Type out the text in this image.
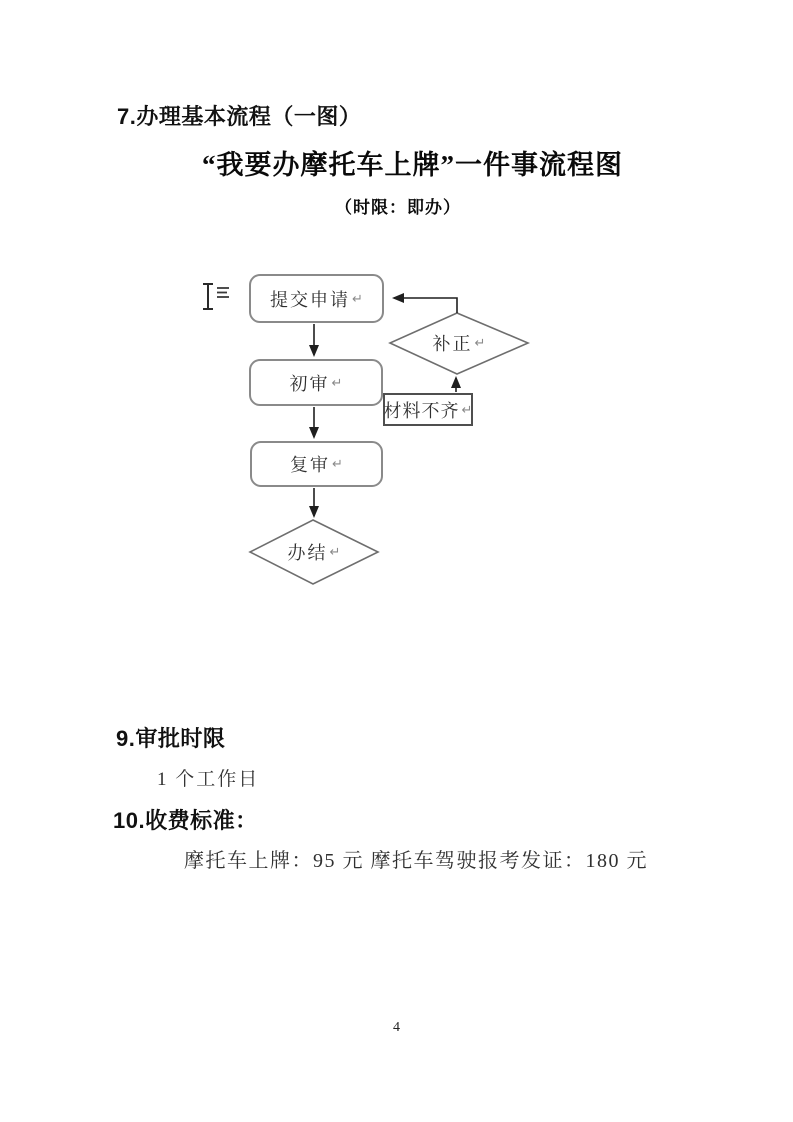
7.办理基本流程（一图）
“我要办摩托车上牌”一件事流程图
（时限：即办）
提交申请 ↵
初审 ↵
复审 ↵
材料不齐 ↵
补正 ↵
办结 ↵
9.审批时限
1 个工作日
10.收费标准：
摩托车上牌：95 元 摩托车驾驶报考发证：180 元
4
